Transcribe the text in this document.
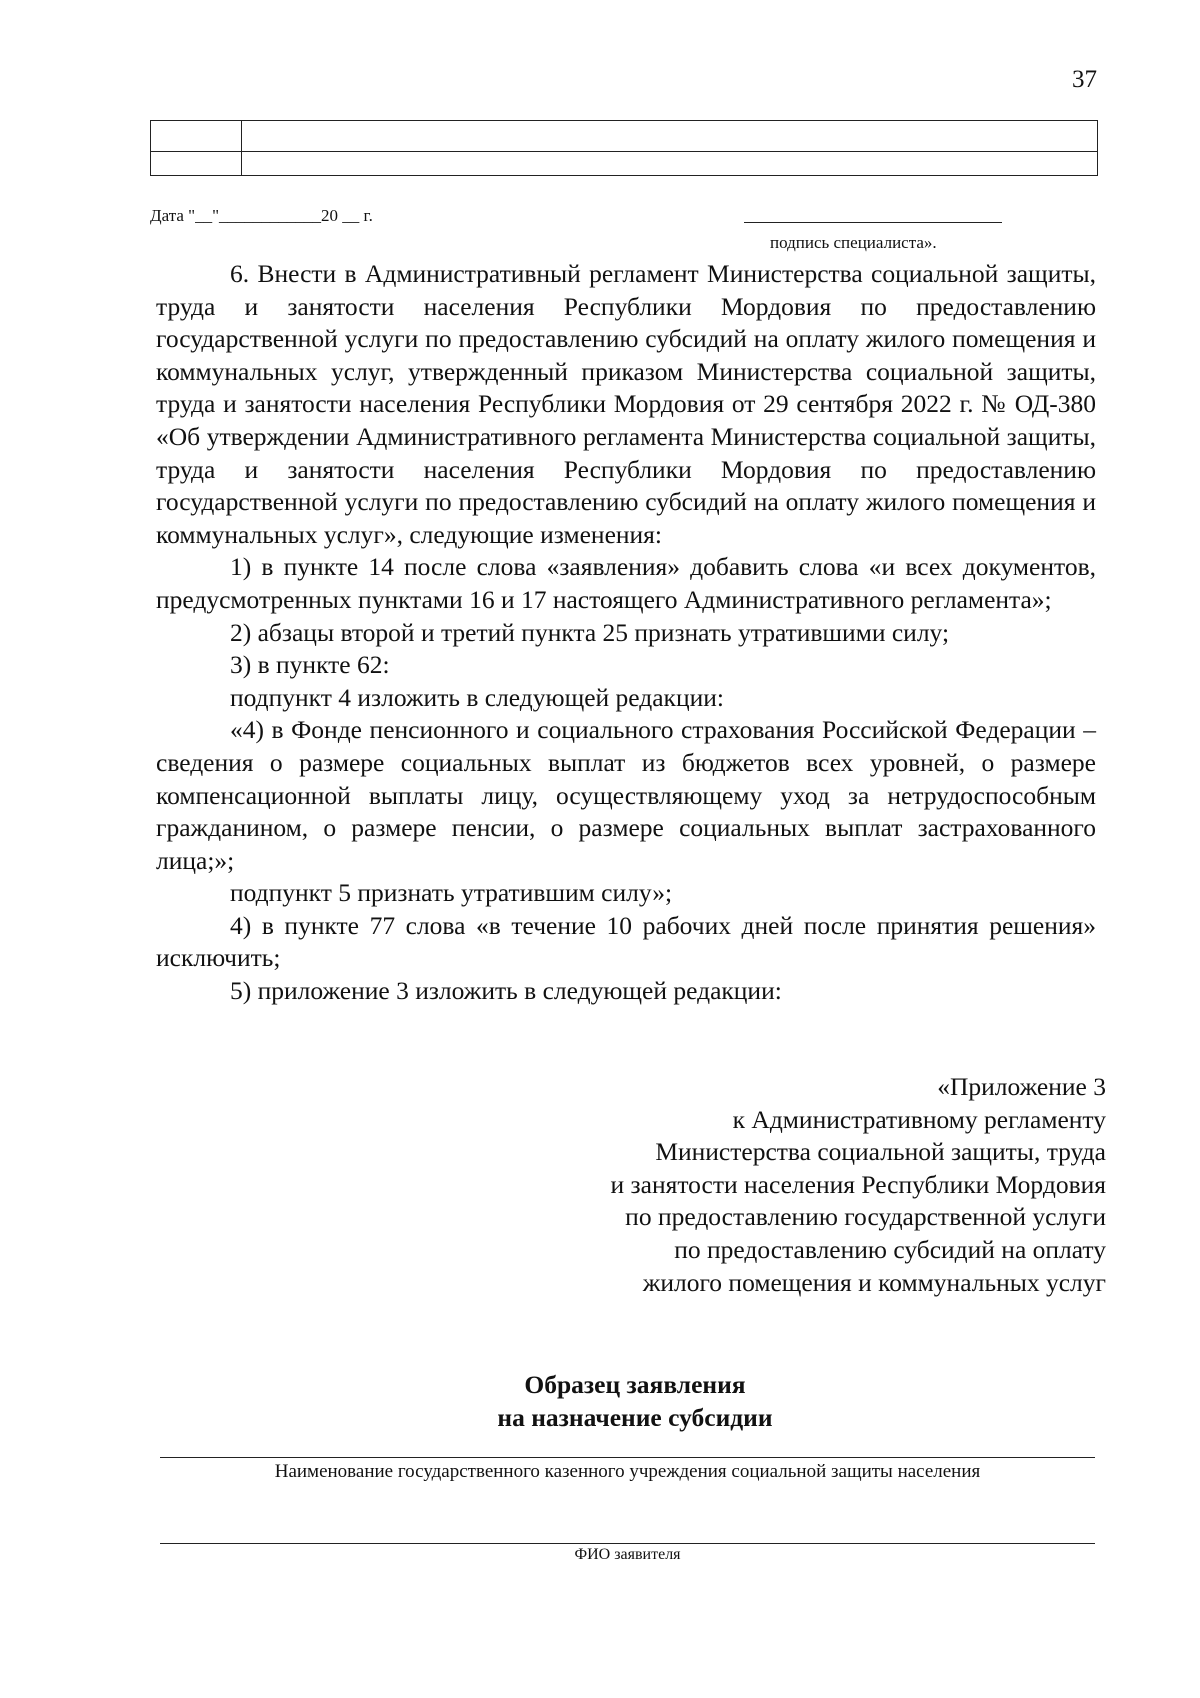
37
Дата "__"____________20 __ г.
подпись специалиста».

6. Внести в Административный регламент Министерства социальной защиты, труда и занятости населения Республики Мордовия по предоставлению государственной услуги по предоставлению субсидий на оплату жилого помещения и коммунальных услуг, утвержденный приказом Министерства социальной защиты, труда и занятости населения Республики Мордовия от 29 сентября 2022 г. № ОД-380 «Об утверждении Административного регламента Министерства социальной защиты, труда и занятости населения Республики Мордовия по предоставлению государственной услуги по предоставлению субсидий на оплату жилого помещения и коммунальных услуг», следующие изменения:

1) в пункте 14 после слова «заявления» добавить слова «и всех документов, предусмотренных пунктами 16 и 17 настоящего Административного регламента»;

2) абзацы второй и третий пункта 25 признать утратившими силу;

3) в пункте 62:

подпункт 4 изложить в следующей редакции:

«4) в Фонде пенсионного и социального страхования Российской Федерации – сведения о размере социальных выплат из бюджетов всех уровней, о размере компенсационной выплаты лицу, осуществляющему уход за нетрудоспособным гражданином, о размере пенсии, о размере социальных выплат застрахованного лица;»;

подпункт 5 признать утратившим силу»;

4) в пункте 77 слова «в течение 10 рабочих дней после принятия решения» исключить;

5) приложение 3 изложить в следующей редакции:

«Приложение 3
к Административному регламенту
Министерства социальной защиты, труда
и занятости населения Республики Мордовия
по предоставлению государственной услуги
по предоставлению субсидий на оплату
жилого помещения и коммунальных услуг
Образец заявления
на назначение субсидии
Наименование государственного казенного учреждения социальной защиты населения
ФИО заявителя
